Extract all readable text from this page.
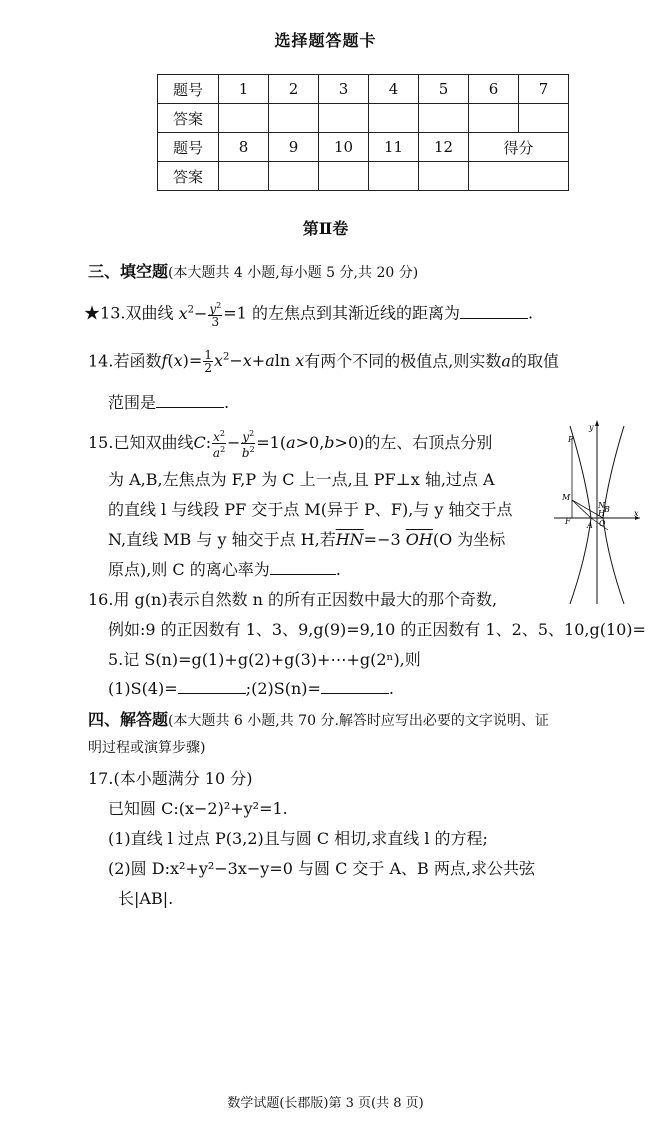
选择题答题卡
题号	1	2	3	4	5	6	7
答案							
题号	8	9	10	11	12	得分	
答案							
第Ⅱ卷
三、填空题(本大题共 4 小题,每小题 5 分,共 20 分)
★13.双曲线 $x^2- \frac{y^2}{3} =1$ 的左焦点到其渐近线的距离为	.
14.若函数$f(x)= \frac{1}{2} x^2-x+aln$ x有两个不同的极值点,则实数a的取值
范围是	.
15.已知双曲线C: $\frac{x^2}{a^2} - \frac{y^2}{b^2} =1(a>0,b>0)$的左、右顶点分别
为 A,B,左焦点为 F,P 为 C 上一点,且 PF⊥x 轴,过点 A
的直线 l 与线段 PF 交于点 M(异于 P、F),与 y 轴交于点
N,直线 MB 与 y 轴交于点 H,若$\overline{HN}=-3$ $\overline{OH}(O$ 为坐标
原点),则 C 的离心率为	.
P
M
N
H B
F A O
x
y
16.用 g(n)表示自然数 n 的所有正因数中最大的那个奇数,
例如:9 的正因数有 1、3、9,g(9)=9,10 的正因数有 1、2、5、10,g(10)=
5.记 S(n)=g(1)+g(2)+g(3)+⋯+g(2ⁿ),则
(1)S(4)=	;(2)S(n)=	.
四、解答题(本大题共 6 小题,共 70 分.解答时应写出必要的文字说明、证
明过程或演算步骤)
17.(本小题满分 10 分)
已知圆 C:(x−2)²+y²=1.
(1)直线 l 过点 P(3,2)且与圆 C 相切,求直线 l 的方程;
(2)圆 D:x²+y²−3x−y=0 与圆 C 交于 A、B 两点,求公共弦
长|AB|.
数学试题(长郡版)第 3 页(共 8 页)
